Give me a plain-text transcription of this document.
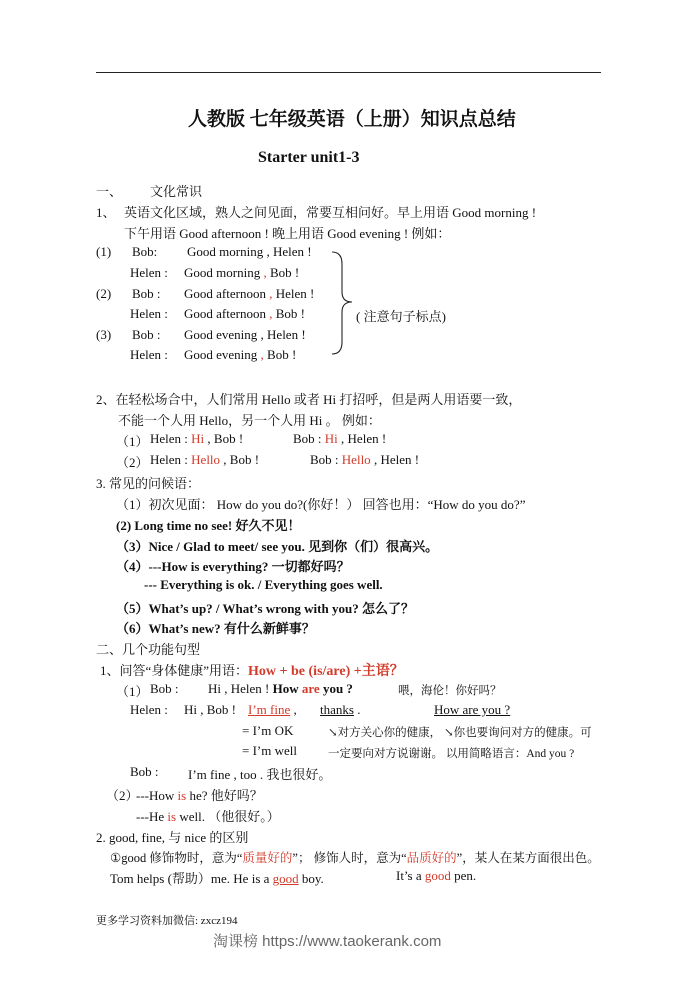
人教版 七年级英语（上册）知识点总结
Starter unit1-3
一、 文化常识
1、 英语文化区域，熟人之间见面，常要互相问好。早上用语 Good morning !
下午用语 Good afternoon ! 晚上用语 Good evening ! 例如：
(1) Bob: Good morning , Helen !
Helen : Good morning , Bob !
(2) Bob : Good afternoon , Helen !
Helen : Good afternoon , Bob !
(3) Bob : Good evening , Helen !
Helen : Good evening , Bob !
( 注意句子标点)
2、在轻松场合中，人们常用 Hello 或者 Hi 打招呼，但是两人用语要一致，
不能一个人用 Hello，另一个人用 Hi 。 例如：
（1） Helen : Hi , Bob !	Bob : Hi , Helen !
（2） Helen : Hello , Bob !	Bob : Hello , Helen !
3. 常见的问候语：
（1）初次见面： How do you do?(你好！） 回答也用：“How do you do?”
(2) Long time no see! 好久不见！
（3）Nice / Glad to meet/ see you. 见到你（们）很高兴。
（4）---How is everything? 一切都好吗？
--- Everything is ok. / Everything goes well.
（5）What’s up? / What’s wrong with you? 怎么了？
（6）What’s new? 有什么新鲜事？
二、几个功能句型
1、问答“身体健康”用语：How + be (is/are) +主语？
（1） Bob : Hi , Helen ! How are you ?	喂，海伦！你好吗？
Helen : Hi , Bob ! I’m fine , thanks .	How are you ?
= I’m OK	↘对方关心你的健康， ↘你也要询问对方的健康。可
= I’m well	一定要向对方说谢谢。 以用简略语言：And you ?
Bob : I’m fine , too . 我也很好。
（2）
---How is he? 他好吗？
---He is well. （他很好。）
2. good, fine, 与 nice 的区别
①good 修饰物时，意为“质量好的”； 修饰人时，意为“品质好的”，某人在某方面很出色。
Tom helps (帮助）me. He is a good boy.	It’s a good pen.
更多学习资料加微信: zxcz194
淘课榜 https://www.taokerank.com
